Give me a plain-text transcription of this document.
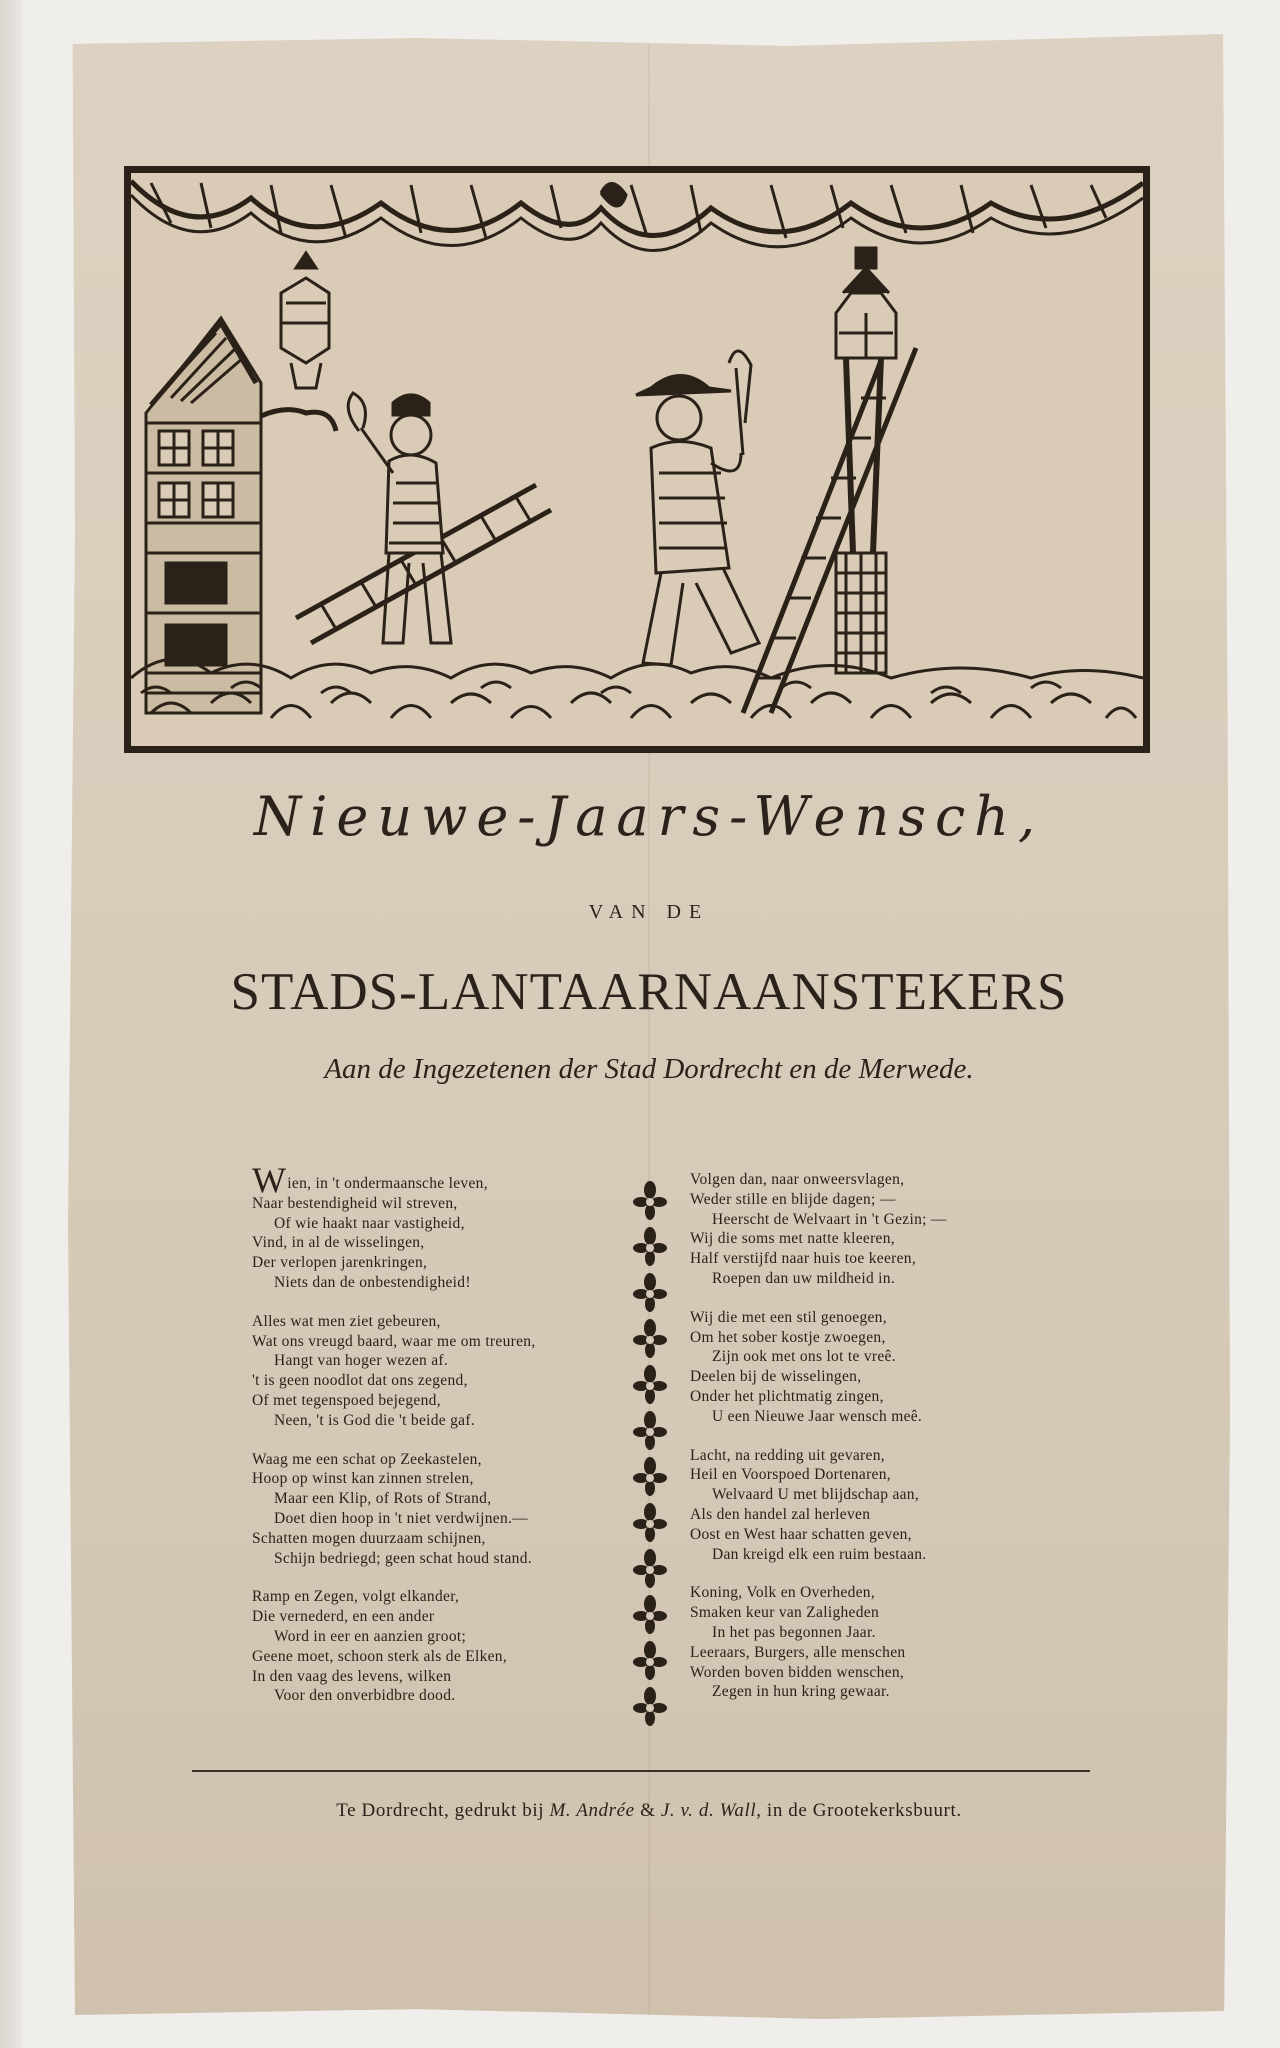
Nieuwe-Jaars-Wensch,
VAN DE
STADS-LANTAARNAANSTEKERS
Aan de Ingezetenen der Stad Dordrecht en de Merwede.
Wien, in 't ondermaansche leven,
Naar bestendigheid wil streven,
Of wie haakt naar vastigheid,
Vind, in al de wisselingen,
Der verlopen jarenkringen,
Niets dan de onbestendigheid!
Alles wat men ziet gebeuren,
Wat ons vreugd baard, waar me om treuren,
Hangt van hoger wezen af.
't is geen noodlot dat ons zegend,
Of met tegenspoed bejegend,
Neen, 't is God die 't beide gaf.
Waag me een schat op Zeekastelen,
Hoop op winst kan zinnen strelen,
Maar een Klip, of Rots of Strand,
Doet dien hoop in 't niet verdwijnen.—
Schatten mogen duurzaam schijnen,
Schijn bedriegd; geen schat houd stand.
Ramp en Zegen, volgt elkander,
Die vernederd, en een ander
Word in eer en aanzien groot;
Geene moet, schoon sterk als de Elken,
In den vaag des levens, wilken
Voor den onverbidbre dood.
Volgen dan, naar onweersvlagen,
Weder stille en blijde dagen; —
Heerscht de Welvaart in 't Gezin; —
Wij die soms met natte kleeren,
Half verstijfd naar huis toe keeren,
Roepen dan uw mildheid in.
Wij die met een stil genoegen,
Om het sober kostje zwoegen,
Zijn ook met ons lot te vreê.
Deelen bij de wisselingen,
Onder het plichtmatig zingen,
U een Nieuwe Jaar wensch meê.
Lacht, na redding uit gevaren,
Heil en Voorspoed Dortenaren,
Welvaard U met blijdschap aan,
Als den handel zal herleven
Oost en West haar schatten geven,
Dan kreigd elk een ruim bestaan.
Koning, Volk en Overheden,
Smaken keur van Zaligheden
In het pas begonnen Jaar.
Leeraars, Burgers, alle menschen
Worden boven bidden wenschen,
Zegen in hun kring gewaar.
Te Dordrecht, gedrukt bij M. Andrée & J. v. d. Wall, in de Grootekerksbuurt.
